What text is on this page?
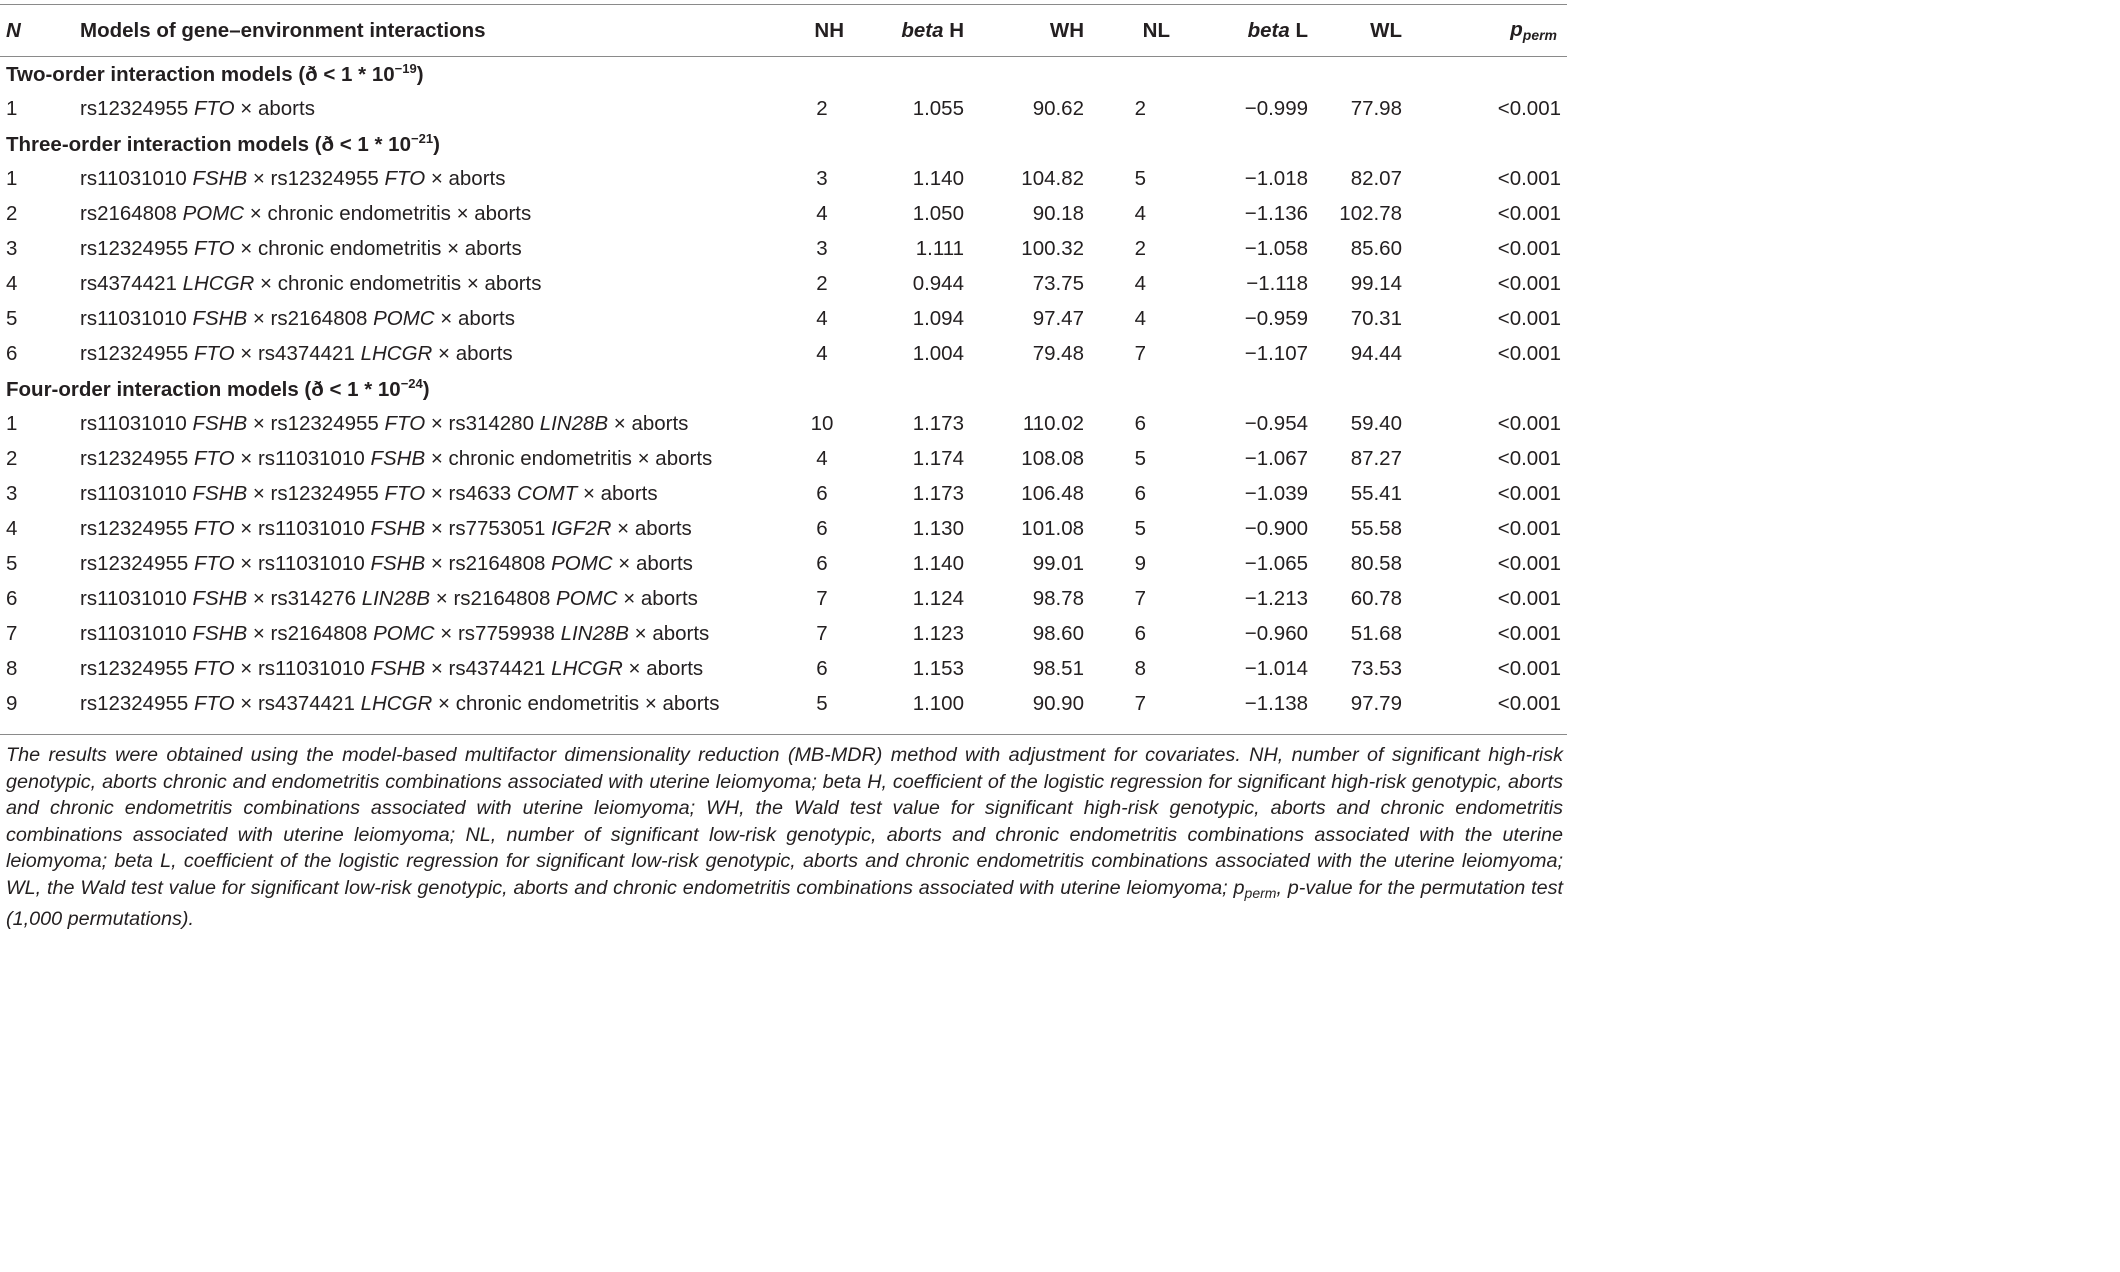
N	Models of gene–environment interactions	NH	beta H	WH	NL	beta L	WL	$p_{perm}$
Two-order interaction models (ð < $1 * 10^{-19}$)								
1	rs12324955 FTO × aborts	2	1.055	90.62	2	−0.999	77.98	<0.001
Three-order interaction models (ð < $1 * 10^{-21}$)								
1	rs11031010 FSHB × rs12324955 FTO × aborts	3	1.140	104.82	5	−1.018	82.07	<0.001
2	rs2164808 POMC × chronic endometritis × aborts	4	1.050	90.18	4	−1.136	102.78	<0.001
3	rs12324955 FTO × chronic endometritis × aborts	3	1.111	100.32	2	−1.058	85.60	<0.001
4	rs4374421 LHCGR × chronic endometritis × aborts	2	0.944	73.75	4	−1.118	99.14	<0.001
5	rs11031010 FSHB × rs2164808 POMC × aborts	4	1.094	97.47	4	−0.959	70.31	<0.001
6	rs12324955 FTO × rs4374421 LHCGR × aborts	4	1.004	79.48	7	−1.107	94.44	<0.001
Four-order interaction models (ð < $1 * 10^{-24}$)								
1	rs11031010 FSHB × rs12324955 FTO × rs314280 LIN28B × aborts	10	1.173	110.02	6	−0.954	59.40	<0.001
2	rs12324955 FTO × rs11031010 FSHB × chronic endometritis × aborts	4	1.174	108.08	5	−1.067	87.27	<0.001
3	rs11031010 FSHB × rs12324955 FTO × rs4633 COMT × aborts	6	1.173	106.48	6	−1.039	55.41	<0.001
4	rs12324955 FTO × rs11031010 FSHB × rs7753051 IGF2R × aborts	6	1.130	101.08	5	−0.900	55.58	<0.001
5	rs12324955 FTO × rs11031010 FSHB × rs2164808 POMC × aborts	6	1.140	99.01	9	−1.065	80.58	<0.001
6	rs11031010 FSHB × rs314276 LIN28B × rs2164808 POMC × aborts	7	1.124	98.78	7	−1.213	60.78	<0.001
7	rs11031010 FSHB × rs2164808 POMC × rs7759938 LIN28B × aborts	7	1.123	98.60	6	−0.960	51.68	<0.001
8	rs12324955 FTO × rs11031010 FSHB × rs4374421 LHCGR × aborts	6	1.153	98.51	8	−1.014	73.53	<0.001
9	rs12324955 FTO × rs4374421 LHCGR × chronic endometritis × aborts	5	1.100	90.90	7	−1.138	97.79	<0.001
The results were obtained using the model-based multifactor dimensionality reduction (MB-MDR) method with adjustment for covariates. NH, number of significant high-risk genotypic, aborts chronic and endometritis combinations associated with uterine leiomyoma; beta H, coefficient of the logistic regression for significant high-risk genotypic, aborts and chronic endometritis combinations associated with uterine leiomyoma; WH, the Wald test value for significant high-risk genotypic, aborts and chronic endometritis combinations associated with uterine leiomyoma; NL, number of significant low-risk genotypic, aborts and chronic endometritis combinations associated with the uterine leiomyoma; beta L, coefficient of the logistic regression for significant low-risk genotypic, aborts and chronic endometritis combinations associated with the uterine leiomyoma; WL, the Wald test value for significant low-risk genotypic, aborts and chronic endometritis combinations associated with uterine leiomyoma; $p_{perm}$, p-value for the permutation test (1,000 permutations).
